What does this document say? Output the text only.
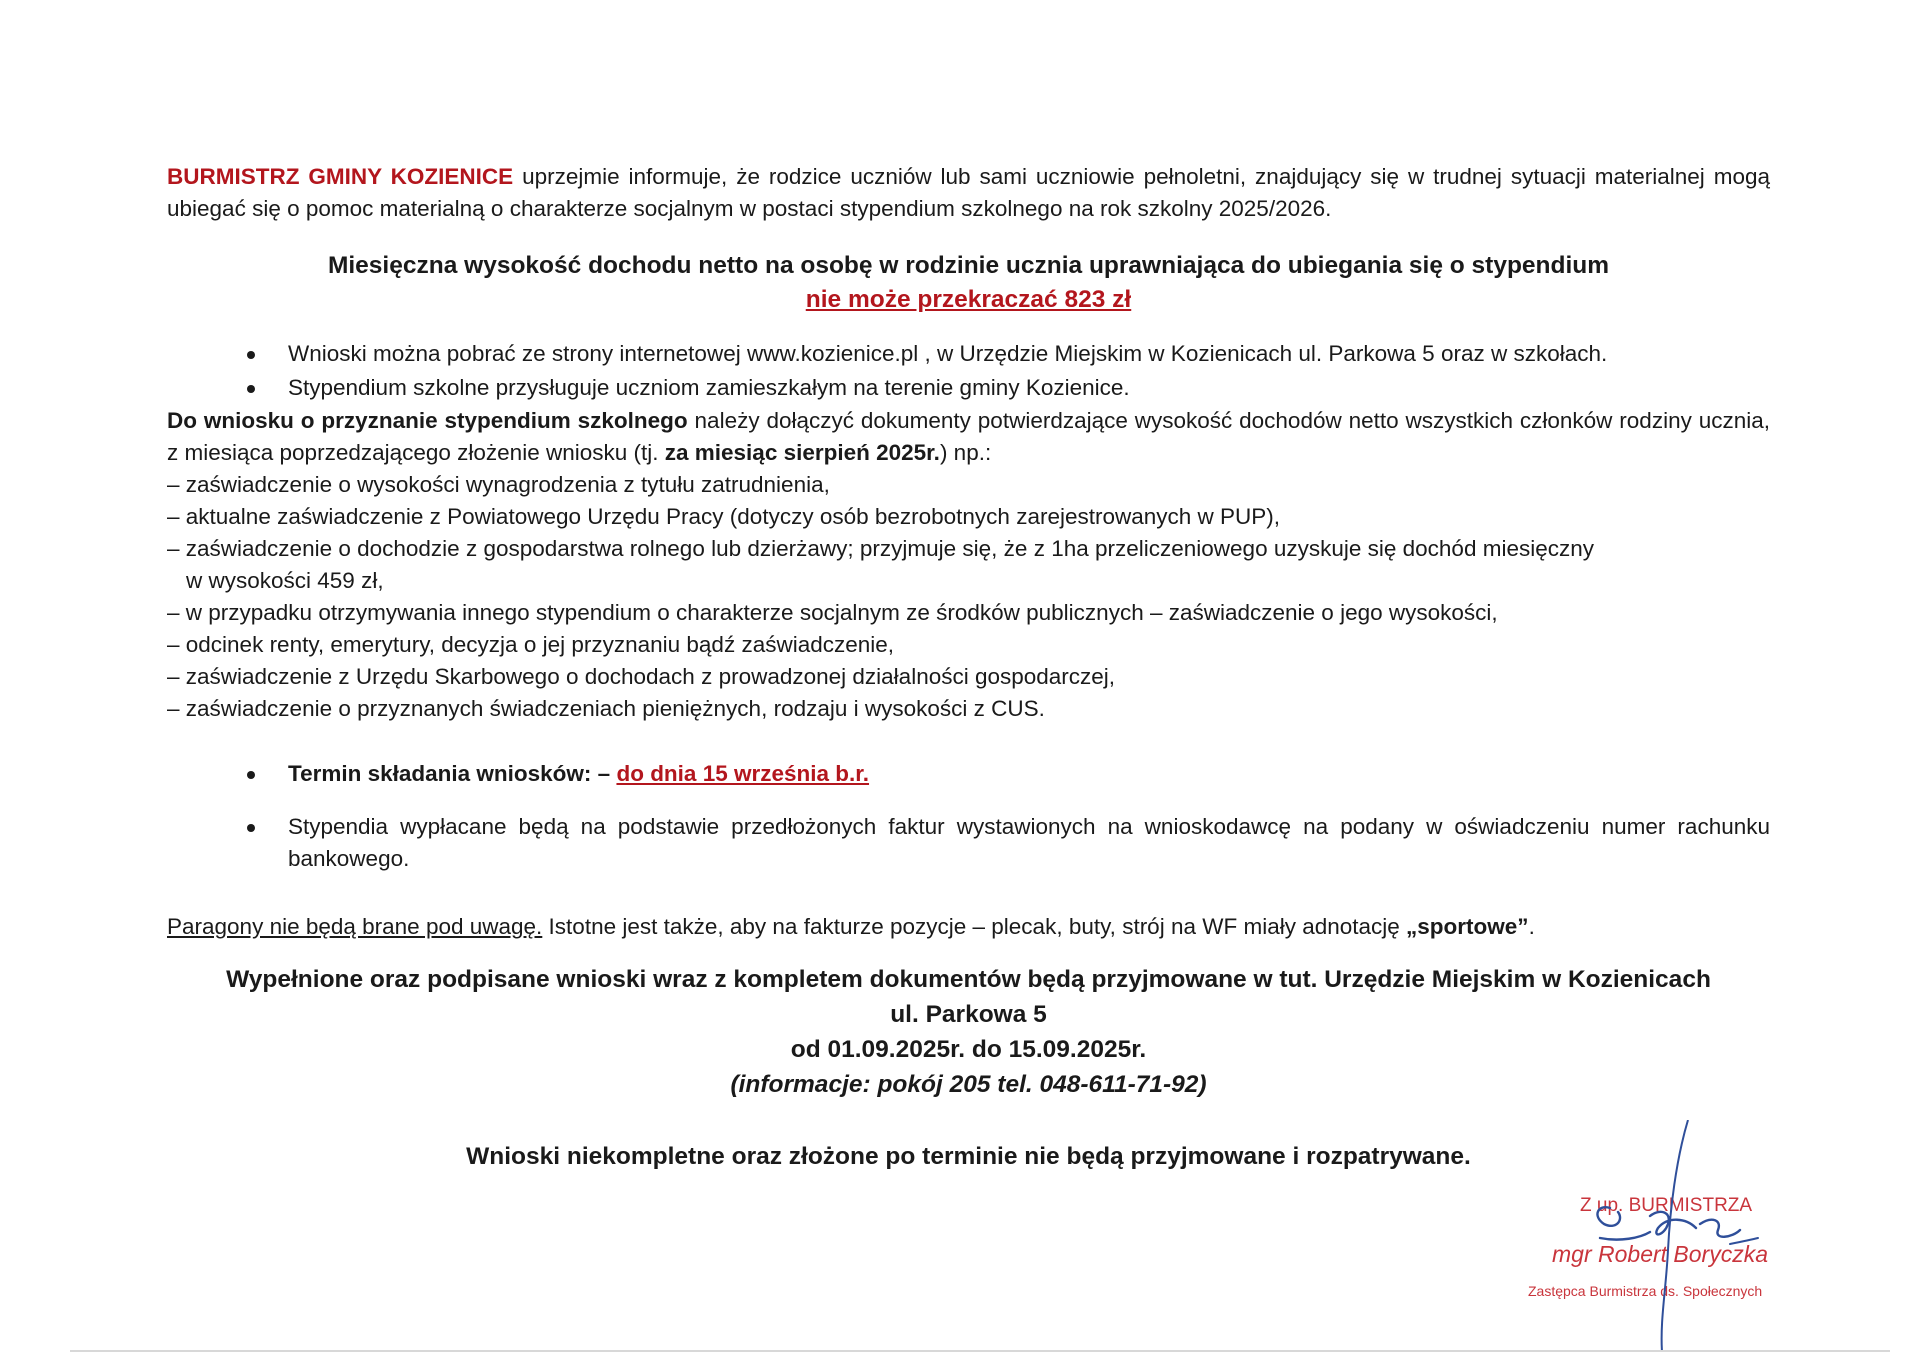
BURMISTRZ GMINY KOZIENICE uprzejmie informuje, że rodzice uczniów lub sami uczniowie pełnoletni, znajdujący się w trudnej sytuacji materialnej mogą ubiegać się o pomoc materialną o charakterze socjalnym w postaci stypendium szkolnego na rok szkolny 2025/2026.

Miesięczna wysokość dochodu netto na osobę w rodzinie ucznia uprawniająca do ubiegania się o stypendium
nie może przekraczać 823 zł
Wnioski można pobrać ze strony internetowej www.kozienice.pl , w Urzędzie Miejskim w Kozienicach ul. Parkowa 5 oraz w szkołach.
Stypendium szkolne przysługuje uczniom zamieszkałym na terenie gminy Kozienice.

Do wniosku o przyznanie stypendium szkolnego należy dołączyć dokumenty potwierdzające wysokość dochodów netto wszystkich członków rodziny ucznia, z miesiąca poprzedzającego złożenie wniosku (tj. za miesiąc sierpień 2025r.) np.:

– zaświadczenie o wysokości wynagrodzenia z tytułu zatrudnienia,
– aktualne zaświadczenie z Powiatowego Urzędu Pracy (dotyczy osób bezrobotnych zarejestrowanych w PUP),
– zaświadczenie o dochodzie z gospodarstwa rolnego lub dzierżawy; przyjmuje się, że z 1ha przeliczeniowego uzyskuje się dochód miesięczny
w wysokości 459 zł,
– w przypadku otrzymywania innego stypendium o charakterze socjalnym ze środków publicznych – zaświadczenie o jego wysokości,
– odcinek renty, emerytury, decyzja o jej przyznaniu bądź zaświadczenie,
– zaświadczenie z Urzędu Skarbowego o dochodach z prowadzonej działalności gospodarczej,
– zaświadczenie o przyznanych świadczeniach pieniężnych, rodzaju i wysokości z CUS.
Termin składania wniosków: – do dnia 15 września b.r.
Stypendia wypłacane będą na podstawie przedłożonych faktur wystawionych na wnioskodawcę na podany w oświadczeniu numer rachunku bankowego.
Paragony nie będą brane pod uwagę. Istotne jest także, aby na fakturze pozycje – plecak, buty, strój na WF miały adnotację „sportowe”.
Wypełnione oraz podpisane wnioski wraz z kompletem dokumentów będą przyjmowane w tut. Urzędzie Miejskim w Kozienicach
ul. Parkowa 5
od 01.09.2025r. do 15.09.2025r.
(informacje: pokój 205 tel. 048-611-71-92)
Wnioski niekompletne oraz złożone po terminie nie będą przyjmowane i rozpatrywane.
Z up. BURMISTRZA
mgr Robert Boryczka
Zastępca Burmistrza ds. Społecznych
